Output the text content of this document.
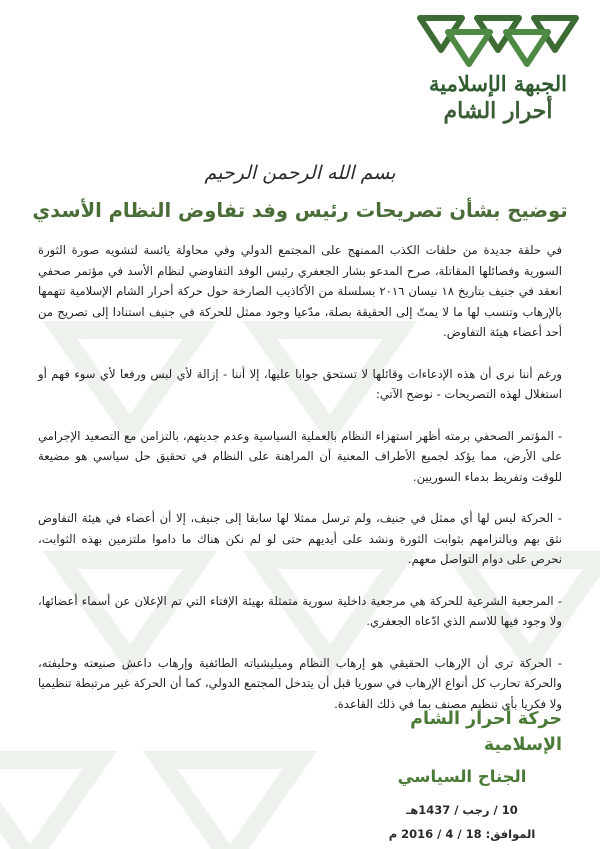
الجبهة الإسلامية
أحرار الشام
بسم الله الرحمن الرحيم
توضيح بشأن تصريحات رئيس وفد تفاوض النظام الأسدي

في حلقة جديدة من حلقات الكذب الممنهج على المجتمع الدولي وفي محاولة يائسة لتشويه صورة الثورة السورية وفصائلها المقاتلة، صرح المدعو بشار الجعفري رئيس الوفد التفاوضي لنظام الأسد في مؤتمر صحفي انعقد في جنيف بتاريخ ١٨ نيسان ٢٠١٦ بسلسلة من الأكاذيب الصارخة حول حركة أحرار الشام الإسلامية تتهمها بالإرهاب وتنسب لها ما لا يمتّ إلى الحقيقة بصلة، مدّعيا وجود ممثل للحركة في جنيف استنادا إلى تصريح من أحد أعضاء هيئة التفاوض.

ورغم أننا نرى أن هذه الإدعاءات وقائلها لا تستحق جوابا عليها، إلا أننا - إزالة لأي لبس ورفعا لأي سوء فهم أو استغلال لهذه التصريحات - نوضح الآتي:

- المؤتمر الصحفي برمته أظهر استهزاء النظام بالعملية السياسية وعدم جديتهم، بالتزامن مع التصعيد الإجرامي على الأرض، مما يؤكد لجميع الأطراف المعنية أن المراهنة على النظام في تحقيق حل سياسي هو مضيعة للوقت وتفريط بدماء السوريين.

- الحركة ليس لها أي ممثل في جنيف، ولم ترسل ممثلا لها سابقا إلى جنيف، إلا أن أعضاء في هيئة التفاوض نثق بهم وبالتزامهم بثوابت الثورة ونشد على أيديهم حتى لو لم نكن هناك ما داموا ملتزمين بهذه الثوابت، نحرص على دوام التواصل معهم.

- المرجعية الشرعية للحركة هي مرجعية داخلية سورية متمثلة بهيئة الإفتاء التي تم الإعلان عن أسماء أعضائها، ولا وجود فيها للاسم الذي ادّعاه الجعفري.

- الحركة ترى أن الإرهاب الحقيقي هو إرهاب النظام وميليشياته الطائفية وإرهاب داعش صنيعته وحليفته، والحركة تحارب كل أنواع الإرهاب في سوريا قبل أن يتدخل المجتمع الدولي، كما أن الحركة غير مرتبطة تنظيميا ولا فكريا بأي تنظيم مصنف بما في ذلك القاعدة.

حركة أحرار الشام الإسلامية
الجناح السياسي
10 / رجب / 1437هـ
الموافق: 18 / 4 / 2016 م
